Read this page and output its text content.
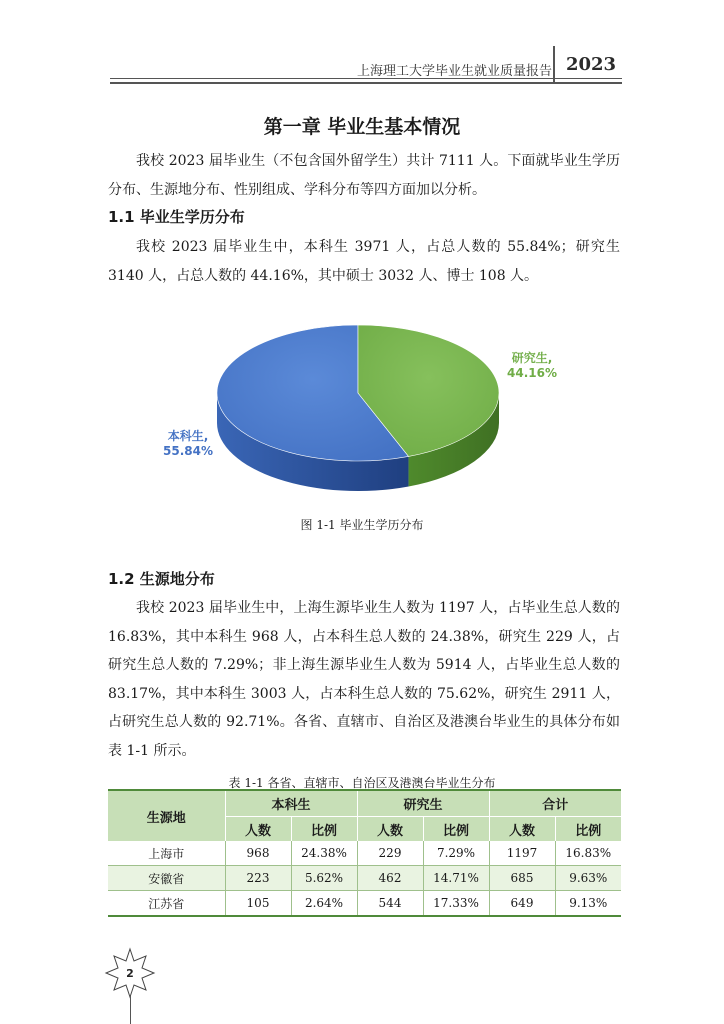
上海理工大学毕业生就业质量报告 2023
第一章 毕业生基本情况

我校 2023 届毕业生（不包含国外留学生）共计 7111 人。下面就毕业生学历分布、生源地分布、性别组成、学科分布等四方面加以分析。

1.1 毕业生学历分布

我校 2023 届毕业生中，本科生 3971 人，占总人数的 55.84%；研究生 3140 人，占总人数的 44.16%，其中硕士 3032 人、博士 108 人。

本科生,
55.84%
研究生,
44.16%
图 1-1 毕业生学历分布
1.2 生源地分布

我校 2023 届毕业生中，上海生源毕业生人数为 1197 人，占毕业生总人数的 16.83%，其中本科生 968 人，占本科生总人数的 24.38%，研究生 229 人，占研究生总人数的 7.29%；非上海生源毕业生人数为 5914 人，占毕业生总人数的 83.17%，其中本科生 3003 人，占本科生总人数的 75.62%，研究生 2911 人，占研究生总人数的 92.71%。各省、直辖市、自治区及港澳台毕业生的具体分布如表 1-1 所示。

表 1-1 各省、直辖市、自治区及港澳台毕业生分布
生源地	本科生		研究生		合计	
	人数	比例	人数	比例	人数	比例
上海市	968	24.38%	229	7.29%	1197	16.83%
安徽省	223	5.62%	462	14.71%	685	9.63%
江苏省	105	2.64%	544	17.33%	649	9.13%
2
